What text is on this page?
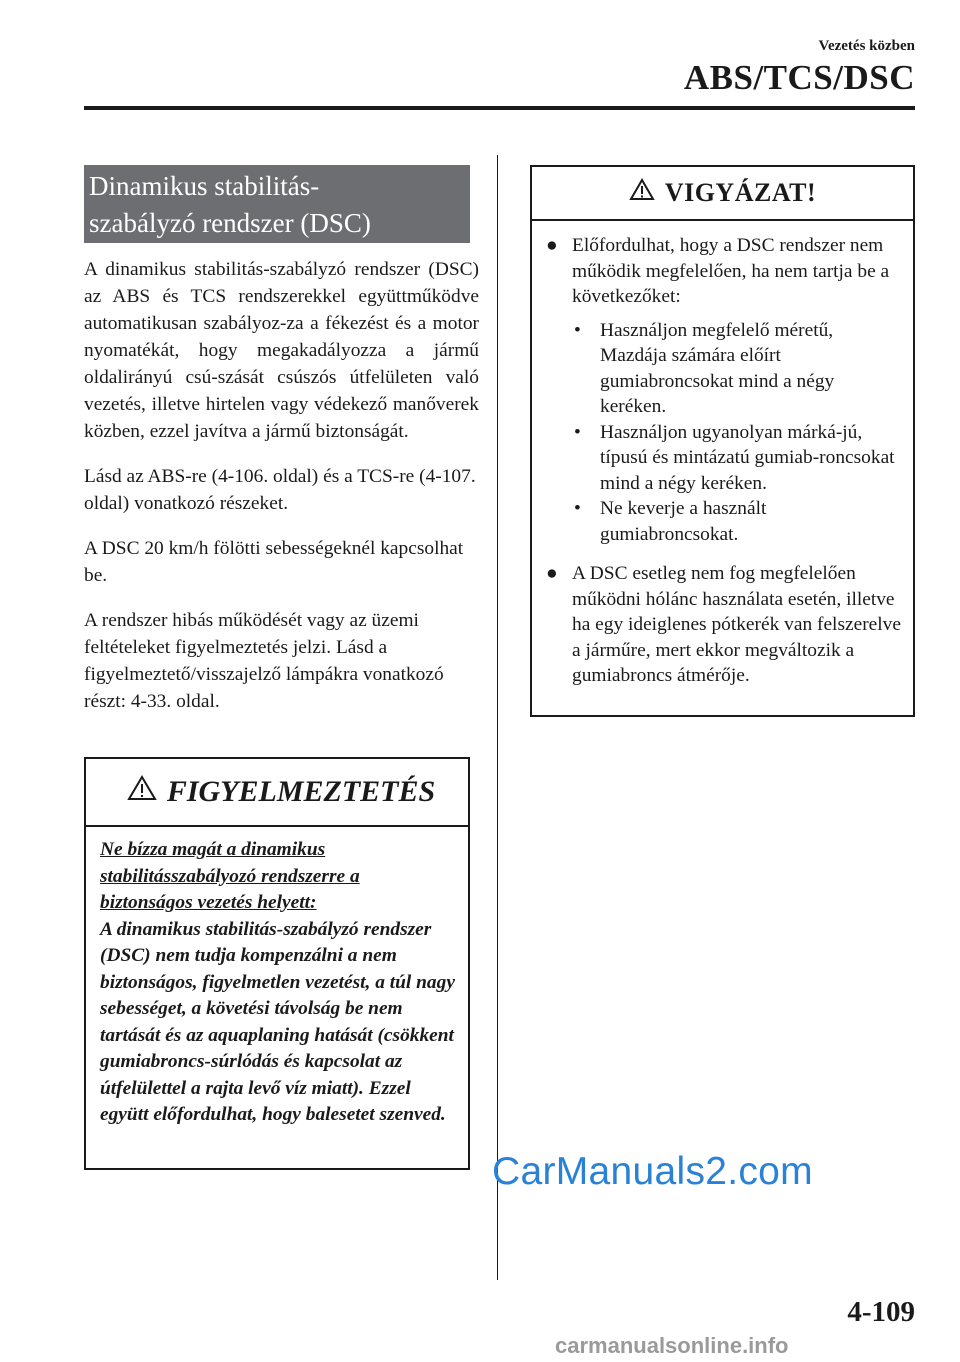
Vezetés közben
ABS/TCS/DSC
Dinamikus stabilitás-
szabályzó rendszer (DSC)

A dinamikus stabilitás-szabályzó rendszer (DSC) az ABS és TCS rendszerekkel együttműködve automatikusan szabályoz-za a fékezést és a motor nyomatékát, hogy megakadályozza a jármű oldalirányú csú-szását csúszós útfelületen való vezetés, illetve hirtelen vagy védekező manőverek közben, ezzel javítva a jármű biztonságát.

Lásd az ABS-re (4-106. oldal) és a TCS-re (4-107. oldal) vonatkozó részeket.

A DSC 20 km/h fölötti sebességeknél kapcsolhat be.

A rendszer hibás működését vagy az üzemi feltételeket figyelmeztetés jelzi. Lásd a figyelmeztető/visszajelző lámpákra vonatkozó részt: 4-33. oldal.

FIGYELMEZTETÉS
Ne bízza magát a dinamikus stabilitásszabályozó rendszerre a biztonságos vezetés helyett:
A dinamikus stabilitás-szabályzó rendszer (DSC) nem tudja kompenzálni a nem biztonságos, figyelmetlen vezetést, a túl nagy sebességet, a követési távolság be nem tartását és az aquaplaning hatását (csökkent gumiabroncs-súrlódás és kapcsolat az útfelülettel a rajta levő víz miatt). Ezzel együtt előfordulhat, hogy balesetet szenved.
VIGYÁZAT!
● Előfordulhat, hogy a DSC rendszer nem működik megfelelően, ha nem tartja be a következőket:
• Használjon megfelelő méretű, Mazdája számára előírt gumiabroncsokat mind a négy keréken.
• Használjon ugyanolyan márká-jú, típusú és mintázatú gumiab-roncsokat mind a négy keréken.
• Ne keverje a használt gumiabroncsokat.
● A DSC esetleg nem fog megfelelően működni hólánc használata esetén, illetve ha egy ideiglenes pótkerék van felszerelve a járműre, mert ekkor megváltozik a gumiabroncs átmérője.
CarManuals2.com
4-109
carmanualsonline.info
